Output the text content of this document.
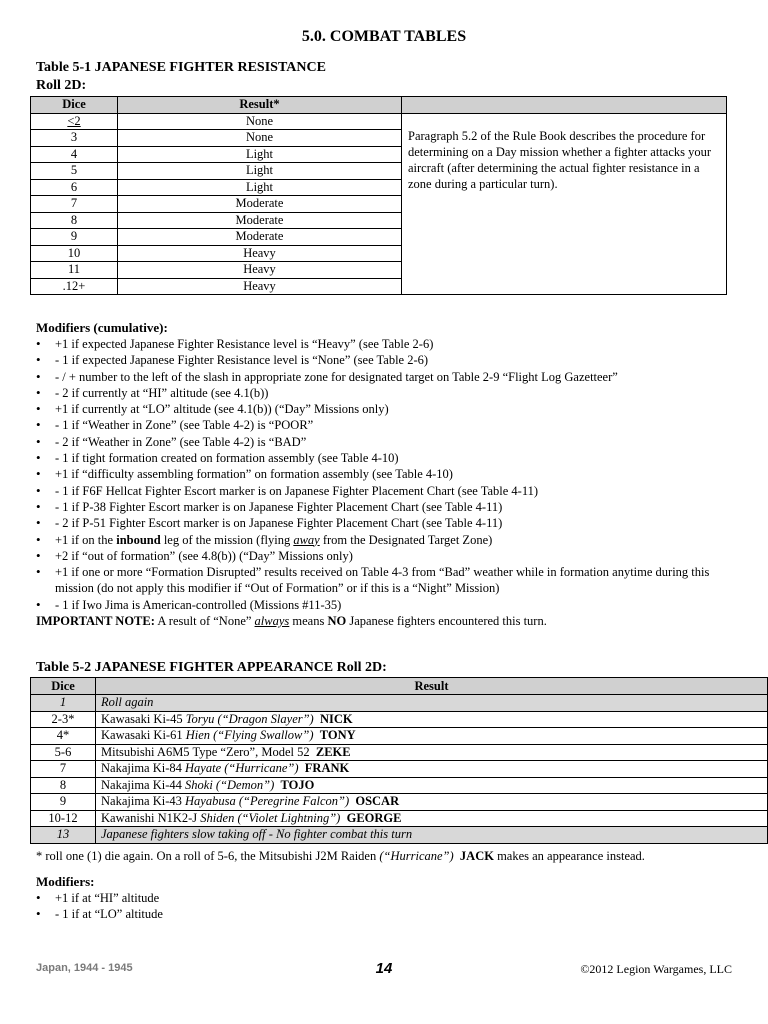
5.0. COMBAT TABLES
Table 5-1 JAPANESE FIGHTER RESISTANCE
Roll 2D:
Dice	Result*	
<2	None	Paragraph 5.2 of the Rule Book describes the procedure for determining on a Day mission whether a fighter attacks your aircraft (after determining the actual fighter resistance in a zone during a particular turn).
3	None	
4	Light	
5	Light	
6	Light	
7	Moderate	
8	Moderate	
9	Moderate	
10	Heavy	
11	Heavy	
.12+	Heavy	
Modifiers (cumulative):
• +1 if expected Japanese Fighter Resistance level is “Heavy” (see Table 2-6)
• - 1 if expected Japanese Fighter Resistance level is “None” (see Table 2-6)
• - / + number to the left of the slash in appropriate zone for designated target on Table 2-9 “Flight Log Gazetteer”
• - 2 if currently at “HI” altitude (see 4.1(b))
• +1 if currently at “LO” altitude (see 4.1(b)) (“Day” Missions only)
• - 1 if “Weather in Zone” (see Table 4-2) is “POOR”
• - 2 if “Weather in Zone” (see Table 4-2) is “BAD”
• - 1 if tight formation created on formation assembly (see Table 4-10)
• +1 if “difficulty assembling formation” on formation assembly (see Table 4-10)
• - 1 if F6F Hellcat Fighter Escort marker is on Japanese Fighter Placement Chart (see Table 4-11)
• - 1 if P-38 Fighter Escort marker is on Japanese Fighter Placement Chart (see Table 4-11)
• - 2 if P-51 Fighter Escort marker is on Japanese Fighter Placement Chart (see Table 4-11)
• +1 if on the inbound leg of the mission (flying away from the Designated Target Zone)
• +2 if “out of formation” (see 4.8(b)) (“Day” Missions only)
• +1 if one or more “Formation Disrupted” results received on Table 4-3 from “Bad” weather while in formation anytime during this mission (do not apply this modifier if “Out of Formation” or if this is a “Night” Mission)
• - 1 if Iwo Jima is American-controlled (Missions #11-35)
IMPORTANT NOTE: A result of “None” always means NO Japanese fighters encountered this turn.
Table 5-2 JAPANESE FIGHTER APPEARANCE Roll 2D:
Dice	Result
1	Roll again
2-3*	Kawasaki Ki-45 Toryu (“Dragon Slayer”) NICK
4*	Kawasaki Ki-61 Hien (“Flying Swallow”) TONY
5-6	Mitsubishi A6M5 Type “Zero”, Model 52 ZEKE
7	Nakajima Ki-84 Hayate (“Hurricane”) FRANK
8	Nakajima Ki-44 Shoki (“Demon”) TOJO
9	Nakajima Ki-43 Hayabusa (“Peregrine Falcon”) OSCAR
10-12	Kawanishi N1K2-J Shiden (“Violet Lightning”) GEORGE
13	Japanese fighters slow taking off - No fighter combat this turn
* roll one (1) die again. On a roll of 5-6, the Mitsubishi J2M Raiden (“Hurricane”) JACK makes an appearance instead.
Modifiers:
• +1 if at “HI” altitude
• - 1 if at “LO” altitude
Japan, 1944 - 1945	14	©2012 Legion Wargames, LLC
